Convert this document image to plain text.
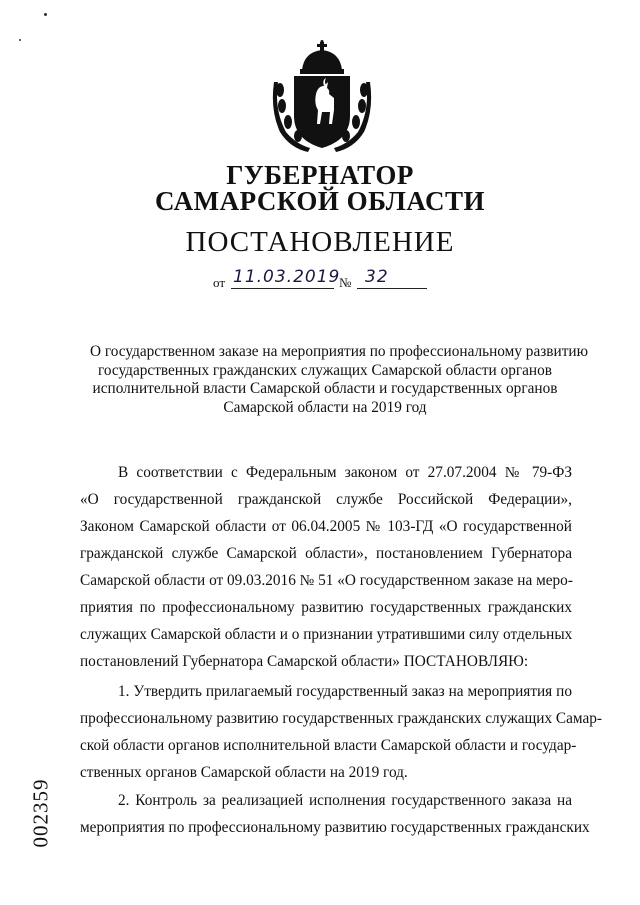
ГУБЕРНАТОР
САМАРСКОЙ ОБЛАСТИ
ПОСТАНОВЛЕНИЕ
от 11.03.2019
№ 32
О государственном заказе на мероприятия по профессиональному развитию
государственных гражданских служащих Самарской области органов
исполнительной власти Самарской области и государственных органов
Самарской области на 2019 год
В соответствии с Федеральным законом от 27.07.2004 № 79-ФЗ
«О государственной гражданской службе Российской Федерации»,
Законом Самарской области от 06.04.2005 № 103-ГД «О государственной
гражданской службе Самарской области», постановлением Губернатора
Самарской области от 09.03.2016 № 51 «О государственном заказе на меро-
приятия по профессиональному развитию государственных гражданских
служащих Самарской области и о признании утратившими силу отдельных
постановлений Губернатора Самарской области» ПОСТАНОВЛЯЮ:
1. Утвердить прилагаемый государственный заказ на мероприятия по
профессиональному развитию государственных гражданских служащих Самар-
ской области органов исполнительной власти Самарской области и государ-
ственных органов Самарской области на 2019 год.
2. Контроль за реализацией исполнения государственного заказа на
мероприятия по профессиональному развитию государственных гражданских
002359
